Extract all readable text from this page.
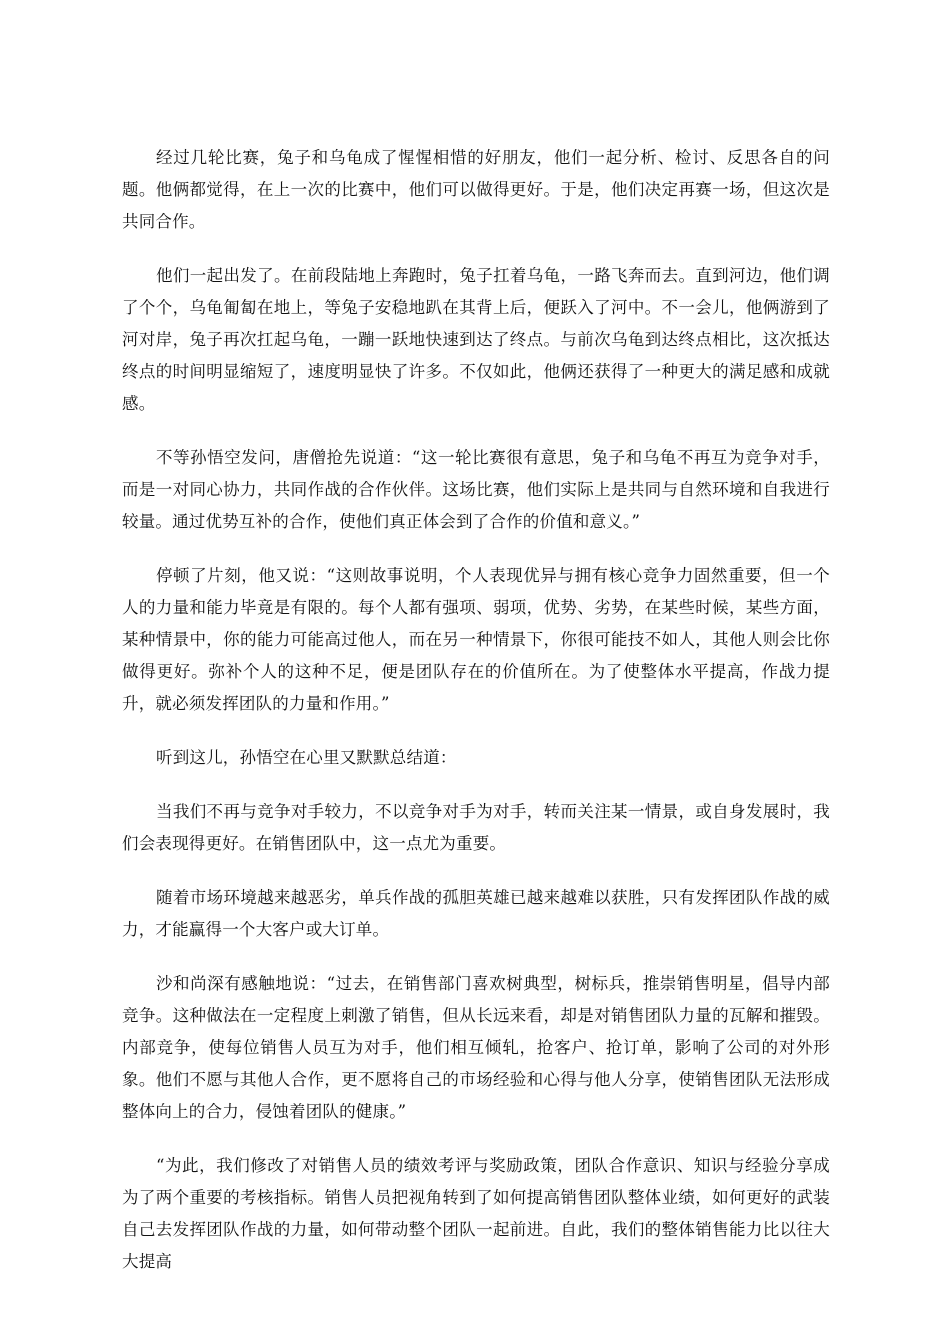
经过几轮比赛，兔子和乌龟成了惺惺相惜的好朋友，他们一起分析、检讨、反思各自的问题。他俩都觉得，在上一次的比赛中，他们可以做得更好。于是，他们决定再赛一场，但这次是共同合作。

他们一起出发了。在前段陆地上奔跑时，兔子扛着乌龟，一路飞奔而去。直到河边，他们调了个个，乌龟匍匐在地上，等兔子安稳地趴在其背上后，便跃入了河中。不一会儿，他俩游到了河对岸，兔子再次扛起乌龟，一蹦一跃地快速到达了终点。与前次乌龟到达终点相比，这次抵达终点的时间明显缩短了，速度明显快了许多。不仅如此，他俩还获得了一种更大的满足感和成就感。

不等孙悟空发问，唐僧抢先说道：“这一轮比赛很有意思，兔子和乌龟不再互为竞争对手，而是一对同心协力，共同作战的合作伙伴。这场比赛，他们实际上是共同与自然环境和自我进行较量。通过优势互补的合作，使他们真正体会到了合作的价值和意义。”

停顿了片刻，他又说：“这则故事说明，个人表现优异与拥有核心竞争力固然重要，但一个人的力量和能力毕竟是有限的。每个人都有强项、弱项，优势、劣势，在某些时候，某些方面，某种情景中，你的能力可能高过他人，而在另一种情景下，你很可能技不如人，其他人则会比你做得更好。弥补个人的这种不足，便是团队存在的价值所在。为了使整体水平提高，作战力提升，就必须发挥团队的力量和作用。”

听到这儿，孙悟空在心里又默默总结道：

当我们不再与竞争对手较力，不以竞争对手为对手，转而关注某一情景，或自身发展时，我们会表现得更好。在销售团队中，这一点尤为重要。

随着市场环境越来越恶劣，单兵作战的孤胆英雄已越来越难以获胜，只有发挥团队作战的威力，才能赢得一个大客户或大订单。

沙和尚深有感触地说：“过去，在销售部门喜欢树典型，树标兵，推崇销售明星，倡导内部竞争。这种做法在一定程度上刺激了销售，但从长远来看，却是对销售团队力量的瓦解和摧毁。内部竞争，使每位销售人员互为对手，他们相互倾轧，抢客户、抢订单，影响了公司的对外形象。他们不愿与其他人合作，更不愿将自己的市场经验和心得与他人分享，使销售团队无法形成整体向上的合力，侵蚀着团队的健康。”

“为此，我们修改了对销售人员的绩效考评与奖励政策，团队合作意识、知识与经验分享成为了两个重要的考核指标。销售人员把视角转到了如何提高销售团队整体业绩，如何更好的武装自己去发挥团队作战的力量，如何带动整个团队一起前进。自此，我们的整体销售能力比以往大大提高
